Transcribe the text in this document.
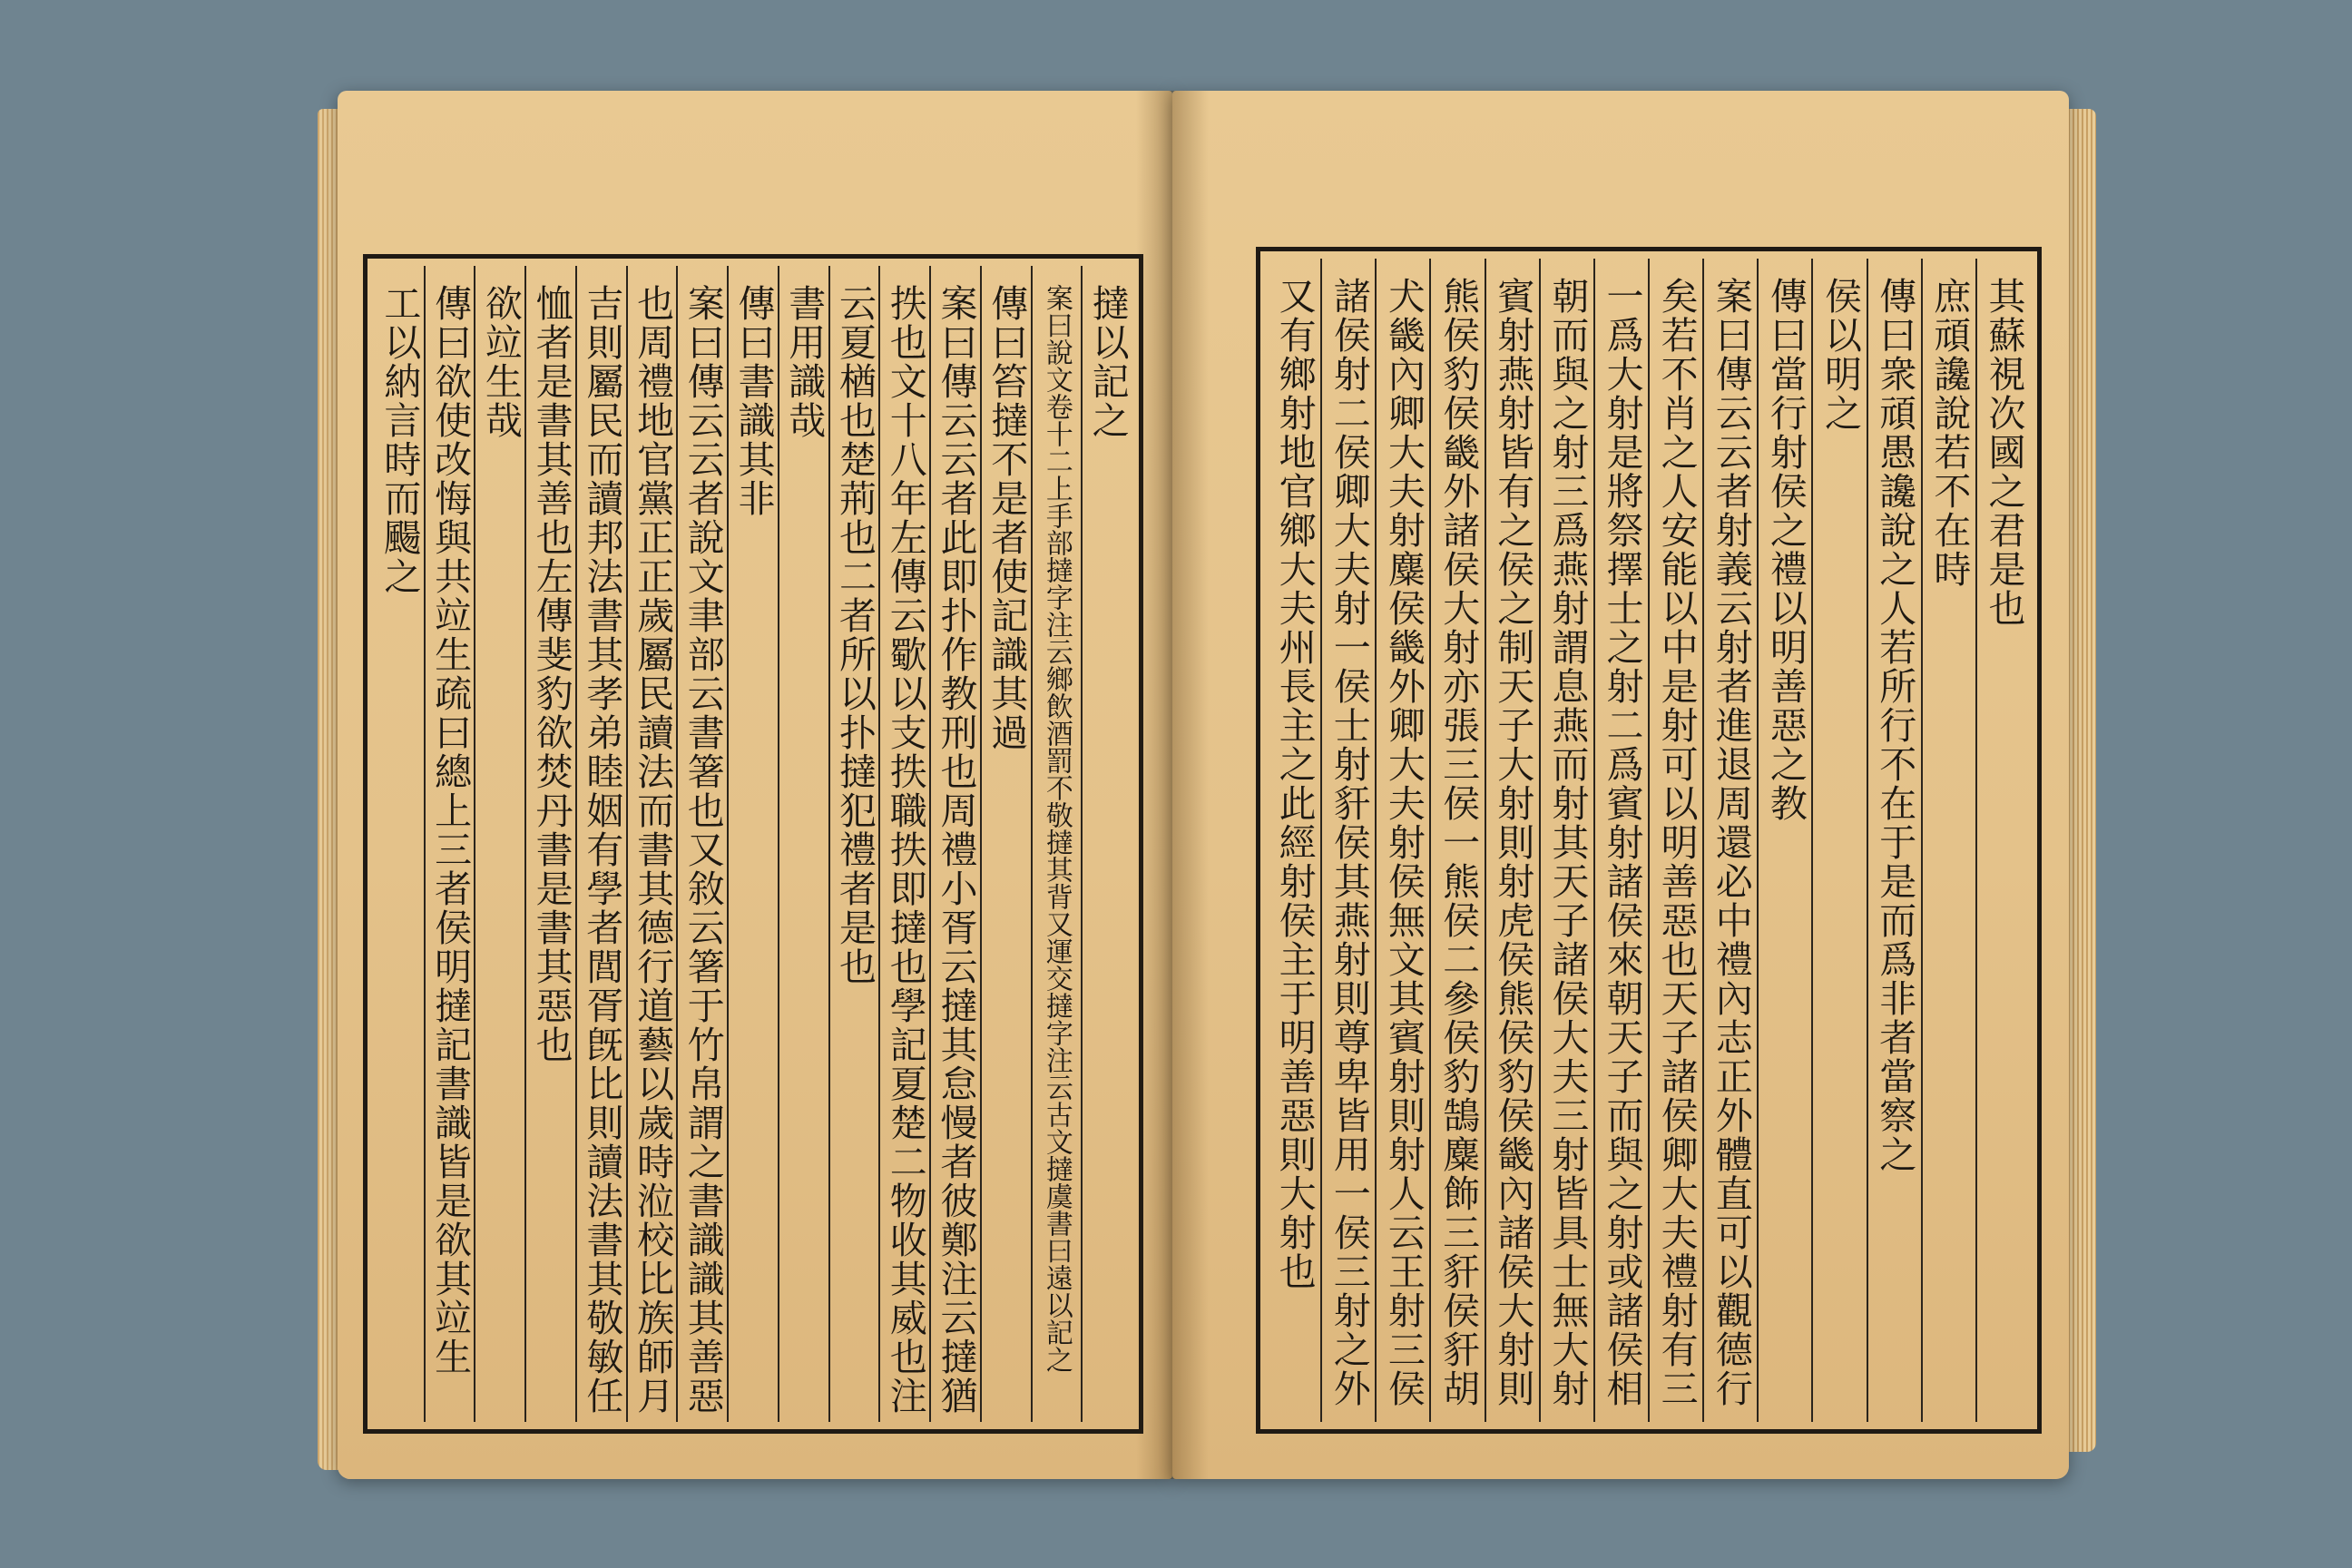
撻以記之
案曰說文卷十二上手部撻字注云鄉飲酒罰不敬撻其背又運交撻字注云古文撻虞書曰遠以記之
傳曰笞撻不是者使記識其過
案曰傳云云者此即扑作教刑也周禮小胥云撻其怠慢者彼鄭注云撻猶
抶也文十八年左傳云歜以支抶職抶即撻也學記夏楚二物收其威也注
云夏楢也楚荊也二者所以扑撻犯禮者是也
書用識哉
傳曰書識其非
案曰傳云云者說文聿部云書箸也又敘云箸于竹帛謂之書識識其善惡
也周禮地官黨正正歲屬民讀法而書其德行道藝以歲時涖校比族師月
吉則屬民而讀邦法書其孝弟睦姻有學者閭胥旣比則讀法書其敬敏任
恤者是書其善也左傳斐豹欲焚丹書是書其惡也
欲竝生哉
傳曰欲使改悔與共竝生疏曰總上三者侯明撻記書識皆是欲其竝生
工以納言時而颺之	其蘇視次國之君是也
庶頑讒說若不在時
傳曰衆頑愚讒說之人若所行不在于是而爲非者當察之
侯以明之
傳曰當行射侯之禮以明善惡之教
案曰傳云云者射義云射者進退周還必中禮內志正外體直可以觀德行
矣若不肖之人安能以中是射可以明善惡也天子諸侯卿大夫禮射有三
一爲大射是將祭擇士之射二爲賓射諸侯來朝天子而與之射或諸侯相
朝而與之射三爲燕射謂息燕而射其天子諸侯大夫三射皆具士無大射
賓射燕射皆有之侯之制天子大射則射虎侯熊侯豹侯畿內諸侯大射則
熊侯豹侯畿外諸侯大射亦張三侯一熊侯二參侯豹鵠麋飾三豻侯豻胡
犬畿內卿大夫射麋侯畿外卿大夫射侯無文其賓射則射人云王射三侯
諸侯射二侯卿大夫射一侯士射豻侯其燕射則尊卑皆用一侯三射之外
又有鄉射地官鄉大夫州長主之此經射侯主于明善惡則大射也
